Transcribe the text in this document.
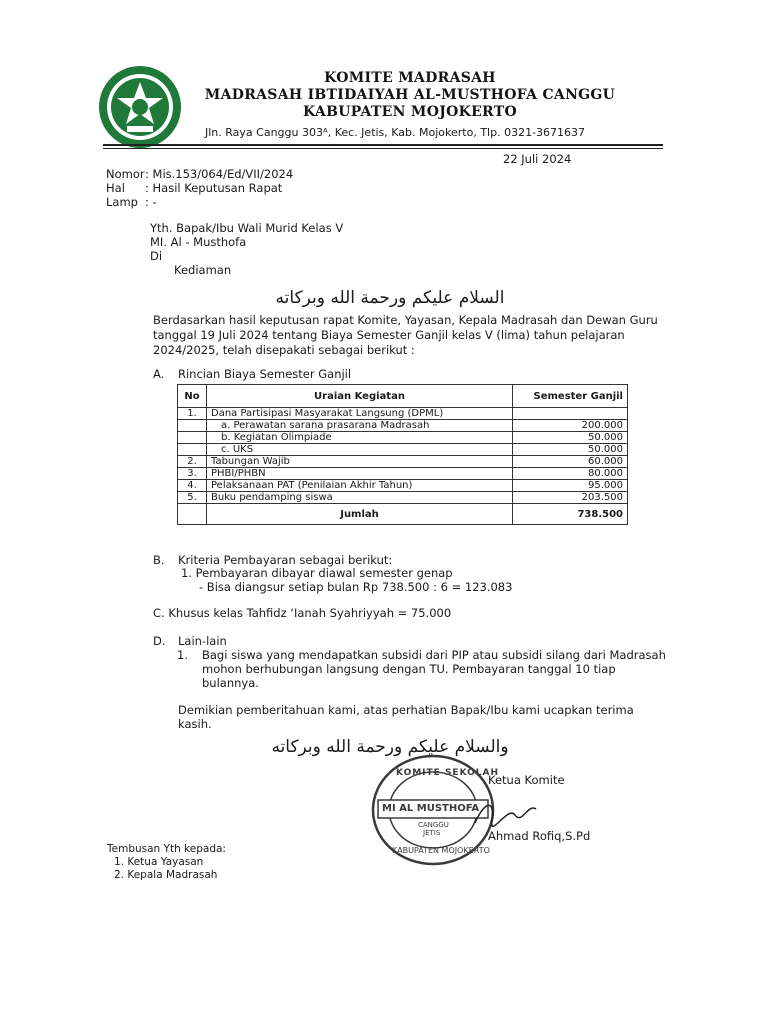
KOMITE MADRASAH
MADRASAH IBTIDAIYAH AL-MUSTHOFA CANGGU
KABUPATEN MOJOKERTO
Jln. Raya Canggu 303ᴬ, Kec. Jetis, Kab. Mojokerto, Tlp. 0321-3671637
22 Juli 2024
Nomor : Mis.153/064/Ed/VII/2024
Hal : Hasil Keputusan Rapat
Lamp : -
Yth. Bapak/Ibu Wali Murid Kelas V
MI. Al - Musthofa
Di
Kediaman
السلام عليكم ورحمة الله وبركاته
Berdasarkan hasil keputusan rapat Komite, Yayasan, Kepala Madrasah dan Dewan Guru
tanggal 19 Juli 2024 tentang Biaya Semester Ganjil kelas V (lima) tahun pelajaran
2024/2025, telah disepakati sebagai berikut :
A. Rincian Biaya Semester Ganjil
No	Uraian Kegiatan	Semester Ganjil
1.	Dana Partisipasi Masyarakat Langsung (DPML)	
	a. Perawatan sarana prasarana Madrasah	200.000
	b. Kegiatan Olimpiade	50.000
	c. UKS	50.000
2.	Tabungan Wajib	60.000
3.	PHBI/PHBN	80.000
4.	Pelaksanaan PAT (Penilaian Akhir Tahun)	95.000
5.	Buku pendamping siswa	203.500
	Jumlah	738.500
B. Kriteria Pembayaran sebagai berikut:
1. Pembayaran dibayar diawal semester genap
- Bisa diangsur setiap bulan Rp 738.500 : 6 = 123.083
C. Khusus kelas Tahfidz ‘Ianah Syahriyyah = 75.000
D. Lain-lain
1. Bagi siswa yang mendapatkan subsidi dari PIP atau subsidi silang dari Madrasah
mohon berhubungan langsung dengan TU. Pembayaran tanggal 10 tiap
bulannya.
Demikian pemberitahuan kami, atas perhatian Bapak/Ibu kami ucapkan terima
kasih.
والسلام عليكم ورحمة الله وبركاته
KOMITE SEKOLAH
MI AL MUSTHOFA
CANGGU
JETIS
KABUPATEN MOJOKERTO
Ketua Komite
Ahmad Rofiq,S.Pd
Tembusan Yth kepada:
1. Ketua Yayasan
2. Kepala Madrasah
